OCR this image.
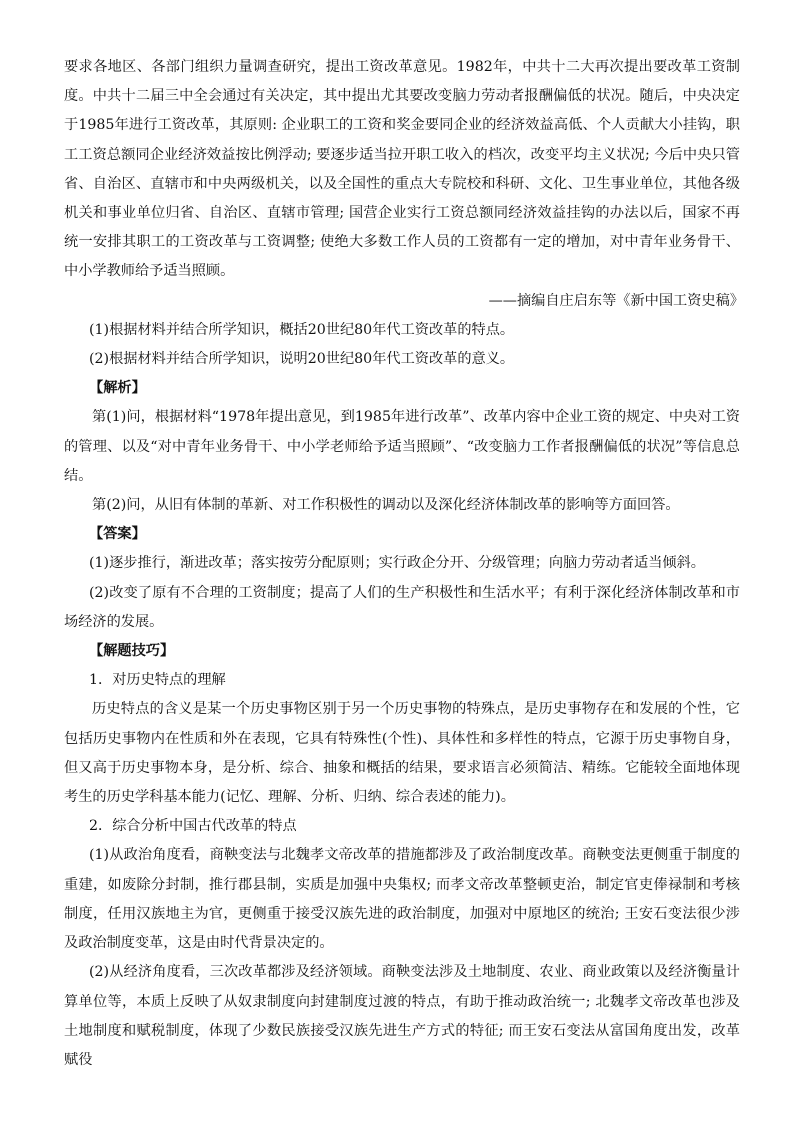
要求各地区、各部门组织力量调查研究，提出工资改革意见。1982年，中共十二大再次提出要改革工资制度。中共十二届三中全会通过有关决定，其中提出尤其要改变脑力劳动者报酬偏低的状况。随后，中央决定于1985年进行工资改革，其原则: 企业职工的工资和奖金要同企业的经济效益高低、个人贡献大小挂钩，职工工资总额同企业经济效益按比例浮动; 要逐步适当拉开职工收入的档次，改变平均主义状况; 今后中央只管省、自治区、直辖市和中央两级机关，以及全国性的重点大专院校和科研、文化、卫生事业单位，其他各级机关和事业单位归省、自治区、直辖市管理; 国营企业实行工资总额同经济效益挂钩的办法以后，国家不再统一安排其职工的工资改革与工资调整; 使绝大多数工作人员的工资都有一定的增加，对中青年业务骨干、中小学教师给予适当照顾。

——摘编自庄启东等《新中国工资史稿》

(1)根据材料并结合所学知识，概括20世纪80年代工资改革的特点。

(2)根据材料并结合所学知识，说明20世纪80年代工资改革的意义。

【解析】

第(1)问，根据材料“1978年提出意见，到1985年进行改革”、改革内容中企业工资的规定、中央对工资的管理、以及“对中青年业务骨干、中小学老师给予适当照顾”、“改变脑力工作者报酬偏低的状况”等信息总结。

第(2)问，从旧有体制的革新、对工作积极性的调动以及深化经济体制改革的影响等方面回答。

【答案】

(1)逐步推行，渐进改革；落实按劳分配原则；实行政企分开、分级管理；向脑力劳动者适当倾斜。

(2)改变了原有不合理的工资制度；提高了人们的生产积极性和生活水平；有利于深化经济体制改革和市场经济的发展。

【解题技巧】

1．对历史特点的理解

历史特点的含义是某一个历史事物区别于另一个历史事物的特殊点，是历史事物存在和发展的个性，它包括历史事物内在性质和外在表现，它具有特殊性(个性)、具体性和多样性的特点，它源于历史事物自身，但又高于历史事物本身，是分析、综合、抽象和概括的结果，要求语言必须简洁、精练。它能较全面地体现考生的历史学科基本能力(记忆、理解、分析、归纳、综合表述的能力)。

2．综合分析中国古代改革的特点

(1)从政治角度看，商鞅变法与北魏孝文帝改革的措施都涉及了政治制度改革。商鞅变法更侧重于制度的重建，如废除分封制，推行郡县制，实质是加强中央集权; 而孝文帝改革整顿吏治，制定官吏俸禄制和考核制度，任用汉族地主为官，更侧重于接受汉族先进的政治制度，加强对中原地区的统治; 王安石变法很少涉及政治制度变革，这是由时代背景决定的。

(2)从经济角度看，三次改革都涉及经济领域。商鞅变法涉及土地制度、农业、商业政策以及经济衡量计算单位等，本质上反映了从奴隶制度向封建制度过渡的特点，有助于推动政治统一; 北魏孝文帝改革也涉及土地制度和赋税制度，体现了少数民族接受汉族先进生产方式的特征; 而王安石变法从富国角度出发，改革赋役
